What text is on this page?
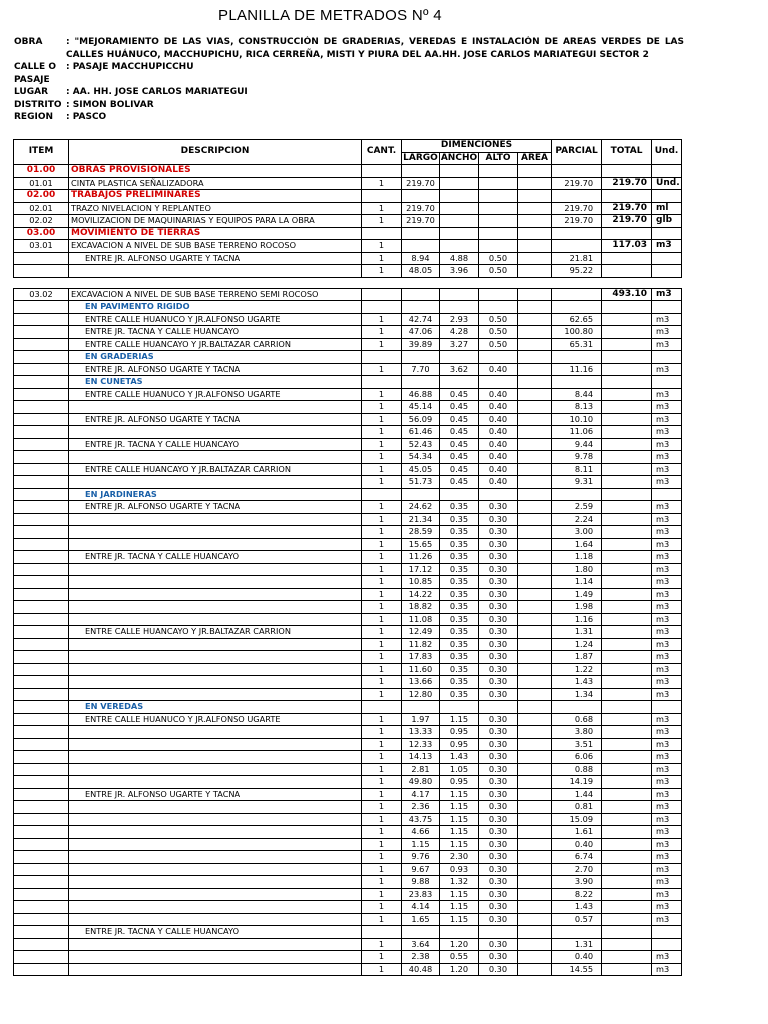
PLANILLA DE METRADOS Nº 4
OBRA	: "MEJORAMIENTO DE LAS VIAS, CONSTRUCCIÓN DE GRADERIAS, VEREDAS E INSTALACIÓN DE AREAS VERDES DE LAS CALLES HUÁNUCO, MACCHUPICHU, RICA CERREÑA, MISTI Y PIURA DEL AA.HH. JOSE CARLOS MARIATEGUI SECTOR 2
CALLE O	: PASAJE MACCHUPICCHU
PASAJE
LUGAR	: AA. HH. JOSE CARLOS MARIATEGUI
DISTRITO : SIMON BOLIVAR
REGION	: PASCO
ITEM	DESCRIPCION	CANT.	DIMENCIONES				PARCIAL	TOTAL	Und.
			LARGO	ANCHO	ALTO	AREA			
01.00	OBRAS PROVISIONALES								
01.01	CINTA PLASTICA SEÑALIZADORA	1	219.70				219.70	219.70	Und.
02.00	TRABAJOS PRELIMINARES								
02.01	TRAZO NIVELACION Y REPLANTEO	1	219.70				219.70	219.70	ml
02.02	MOVILIZACION DE MAQUINARIAS Y EQUIPOS PARA LA OBRA	1	219.70				219.70	219.70	glb
03.00	MOVIMIENTO DE TIERRAS								
03.01	EXCAVACION A NIVEL DE SUB BASE TERRENO ROCOSO	1						117.03	m3
	ENTRE JR. ALFONSO UGARTE Y TACNA	1	8.94	4.88	0.50		21.81		
		1	48.05	3.96	0.50		95.22		

03.02	EXCAVACION A NIVEL DE SUB BASE TERRENO SEMI ROCOSO							493.10	m3
	EN PAVIMENTO RIGIDO								
	ENTRE CALLE HUANUCO Y JR.ALFONSO UGARTE	1	42.74	2.93	0.50		62.65		m3
	ENTRE JR. TACNA Y CALLE HUANCAYO	1	47.06	4.28	0.50		100.80		m3
	ENTRE CALLE HUANCAYO Y JR.BALTAZAR CARRION	1	39.89	3.27	0.50		65.31		m3
	EN GRADERIAS								
	ENTRE JR. ALFONSO UGARTE Y TACNA	1	7.70	3.62	0.40		11.16		m3
	EN CUNETAS								
	ENTRE CALLE HUANUCO Y JR.ALFONSO UGARTE	1	46.88	0.45	0.40		8.44		m3
		1	45.14	0.45	0.40		8.13		m3
	ENTRE JR. ALFONSO UGARTE Y TACNA	1	56.09	0.45	0.40		10.10		m3
		1	61.46	0.45	0.40		11.06		m3
	ENTRE JR. TACNA Y CALLE HUANCAYO	1	52.43	0.45	0.40		9.44		m3
		1	54.34	0.45	0.40		9.78		m3
	ENTRE CALLE HUANCAYO Y JR.BALTAZAR CARRION	1	45.05	0.45	0.40		8.11		m3
		1	51.73	0.45	0.40		9.31		m3
	EN JARDINERAS								
	ENTRE JR. ALFONSO UGARTE Y TACNA	1	24.62	0.35	0.30		2.59		m3
		1	21.34	0.35	0.30		2.24		m3
		1	28.59	0.35	0.30		3.00		m3
		1	15.65	0.35	0.30		1.64		m3
	ENTRE JR. TACNA Y CALLE HUANCAYO	1	11.26	0.35	0.30		1.18		m3
		1	17.12	0.35	0.30		1.80		m3
		1	10.85	0.35	0.30		1.14		m3
		1	14.22	0.35	0.30		1.49		m3
		1	18.82	0.35	0.30		1.98		m3
		1	11.08	0.35	0.30		1.16		m3
	ENTRE CALLE HUANCAYO Y JR.BALTAZAR CARRION	1	12.49	0.35	0.30		1.31		m3
		1	11.82	0.35	0.30		1.24		m3
		1	17.83	0.35	0.30		1.87		m3
		1	11.60	0.35	0.30		1.22		m3
		1	13.66	0.35	0.30		1.43		m3
		1	12.80	0.35	0.30		1.34		m3
	EN VEREDAS								
	ENTRE CALLE HUANUCO Y JR.ALFONSO UGARTE	1	1.97	1.15	0.30		0.68		m3
		1	13.33	0.95	0.30		3.80		m3
		1	12.33	0.95	0.30		3.51		m3
		1	14.13	1.43	0.30		6.06		m3
		1	2.81	1.05	0.30		0.88		m3
		1	49.80	0.95	0.30		14.19		m3
	ENTRE JR. ALFONSO UGARTE Y TACNA	1	4.17	1.15	0.30		1.44		m3
		1	2.36	1.15	0.30		0.81		m3
		1	43.75	1.15	0.30		15.09		m3
		1	4.66	1.15	0.30		1.61		m3
		1	1.15	1.15	0.30		0.40		m3
		1	9.76	2.30	0.30		6.74		m3
		1	9.67	0.93	0.30		2.70		m3
		1	9.88	1.32	0.30		3.90		m3
		1	23.83	1.15	0.30		8.22		m3
		1	4.14	1.15	0.30		1.43		m3
		1	1.65	1.15	0.30		0.57		m3
	ENTRE JR. TACNA Y CALLE HUANCAYO								
		1	3.64	1.20	0.30		1.31		
		1	2.38	0.55	0.30		0.40		m3
		1	40.48	1.20	0.30		14.55		m3
